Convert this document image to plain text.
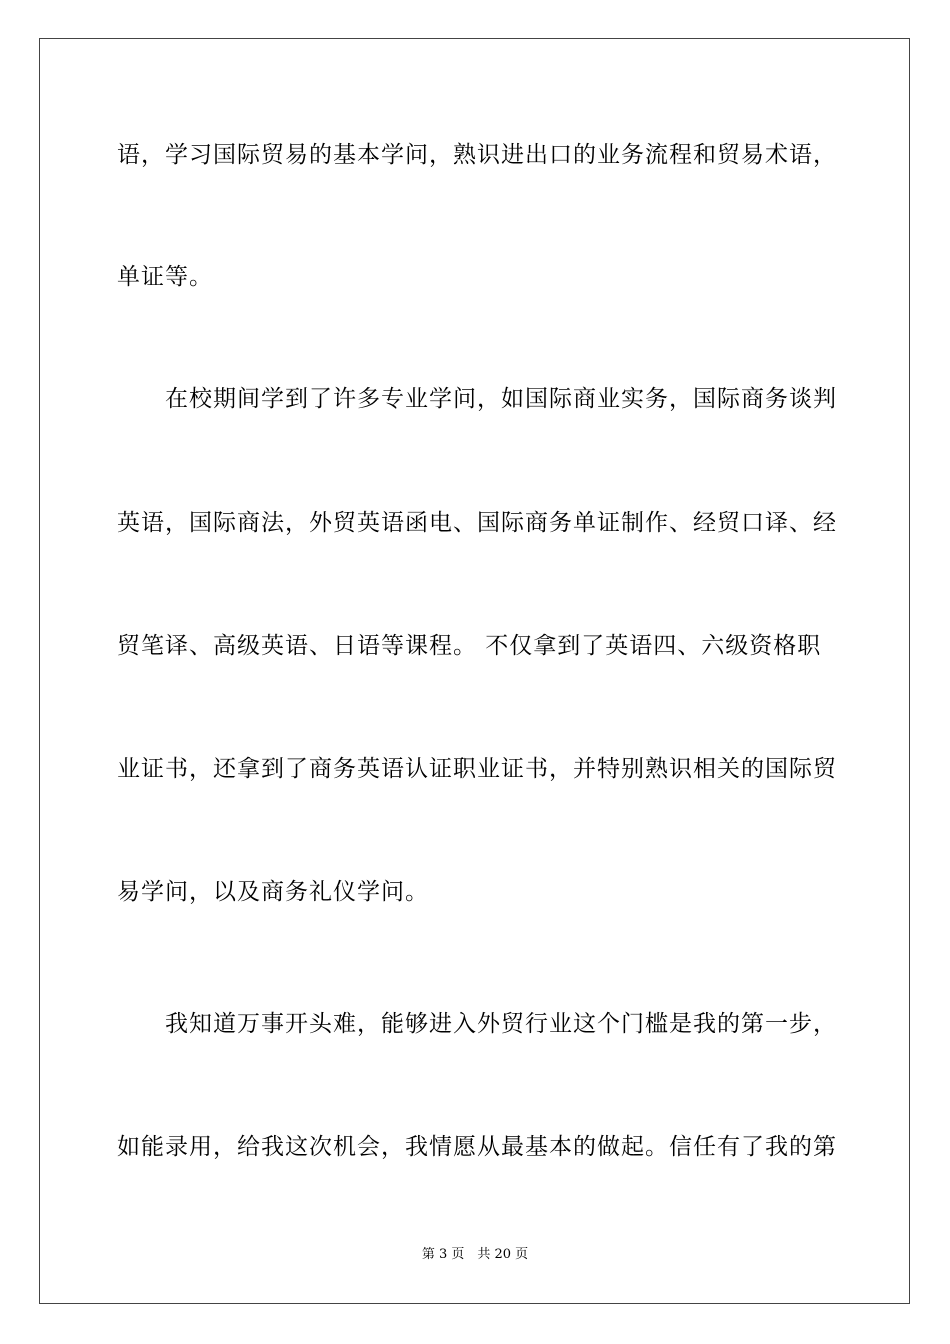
语，学习国际贸易的基本学问，熟识进出口的业务流程和贸易术语，
单证等。
　　在校期间学到了许多专业学问，如国际商业实务，国际商务谈判
英语，国际商法，外贸英语函电、国际商务单证制作、经贸口译、经
贸笔译、高级英语、日语等课程。 不仅拿到了英语四、六级资格职
业证书，还拿到了商务英语认证职业证书，并特别熟识相关的国际贸
易学问，以及商务礼仪学问。
　　我知道万事开头难，能够进入外贸行业这个门槛是我的第一步，
如能录用，给我这次机会，我情愿从最基本的做起。信任有了我的第
第 3 页　共 20 页
